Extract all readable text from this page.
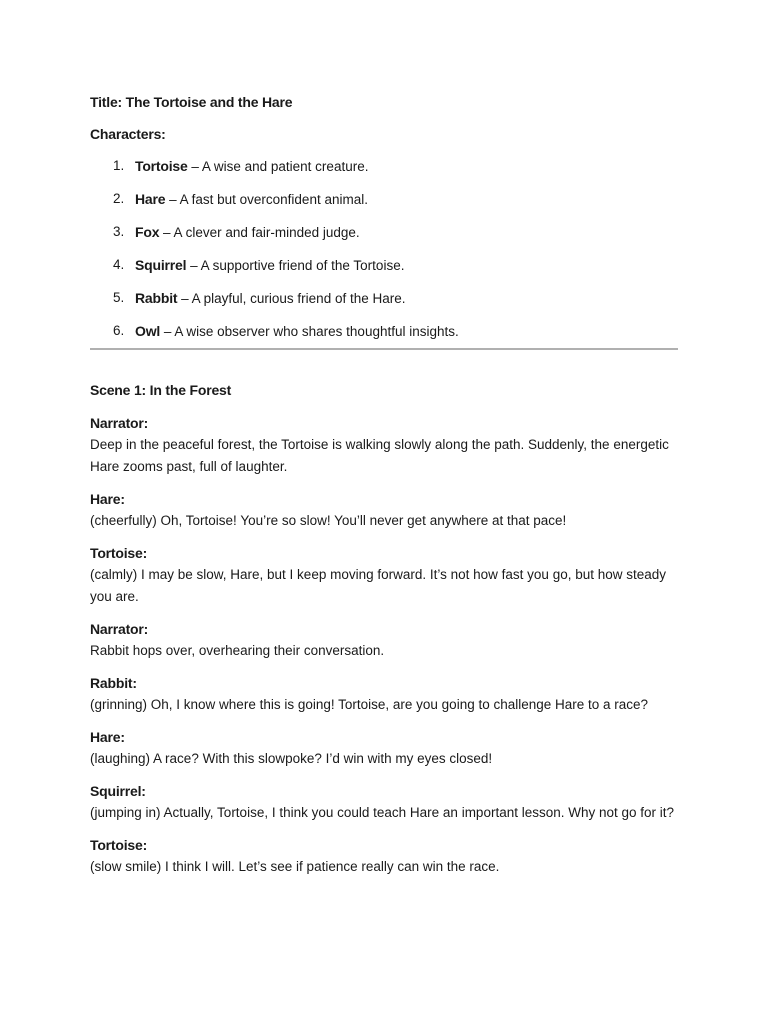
Title: The Tortoise and the Hare
Characters:
1. Tortoise – A wise and patient creature.
2. Hare – A fast but overconfident animal.
3. Fox – A clever and fair-minded judge.
4. Squirrel – A supportive friend of the Tortoise.
5. Rabbit – A playful, curious friend of the Hare.
6. Owl – A wise observer who shares thoughtful insights.
Scene 1: In the Forest
Narrator:
Deep in the peaceful forest, the Tortoise is walking slowly along the path. Suddenly, the energetic Hare zooms past, full of laughter.
Hare:
(cheerfully) Oh, Tortoise! You’re so slow! You’ll never get anywhere at that pace!
Tortoise:
(calmly) I may be slow, Hare, but I keep moving forward. It’s not how fast you go, but how steady you are.
Narrator:
Rabbit hops over, overhearing their conversation.
Rabbit:
(grinning) Oh, I know where this is going! Tortoise, are you going to challenge Hare to a race?
Hare:
(laughing) A race? With this slowpoke? I’d win with my eyes closed!
Squirrel:
(jumping in) Actually, Tortoise, I think you could teach Hare an important lesson. Why not go for it?
Tortoise:
(slow smile) I think I will. Let’s see if patience really can win the race.
